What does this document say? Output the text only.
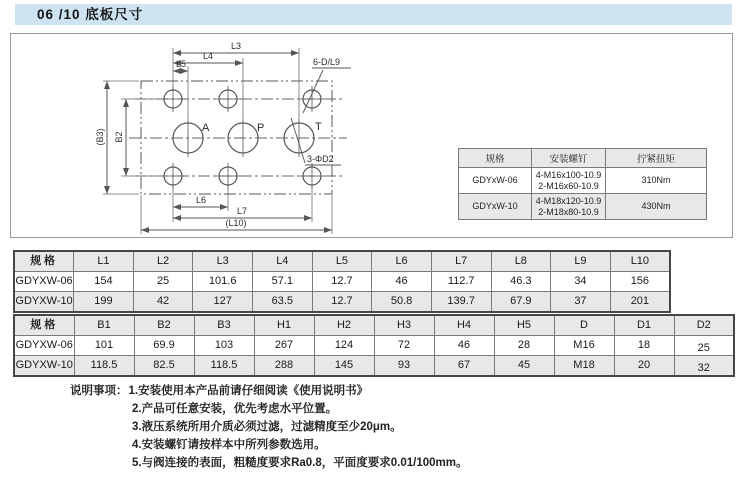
06 /10 底板尺寸
A	P	T
L3
L4
L5
L6
L7
(L10)
(B3) B2
6-D/L9
3-ΦD2	规格	安装螺钉	拧紧扭矩
GDYxW-06	4-M16x100-10.9
2-M16x60-10.9	310Nm
GDYxW-10	4-M18x120-10.9
2-M18x80-10.9	430Nm
规格	L1	L2	L3	L4	L5	L6	L7	L8	L9	L10
GDYXW-06	154	25	101.6	57.1	12.7	46	112.7	46.3	34	156
GDYXW-10	199	42	127	63.5	12.7	50.8	139.7	67.9	37	201
规格	B1	B2	B3	H1	H2	H3	H4	H5	D	D1	D2
GDYXW-06	101	69.9	103	267	124	72	46	28	M16	18	25
GDYXW-10	118.5	82.5	118.5	288	145	93	67	45	M18	20	32
说明事项：1.安装使用本产品前请仔细阅读《使用说明书》
2.产品可任意安装，优先考虑水平位置。
3.液压系统所用介质必须过滤，过滤精度至少20μm。
4.安装螺钉请按样本中所列参数选用。
5.与阀连接的表面，粗糙度要求Ra0.8，平面度要求0.01/100mm。
